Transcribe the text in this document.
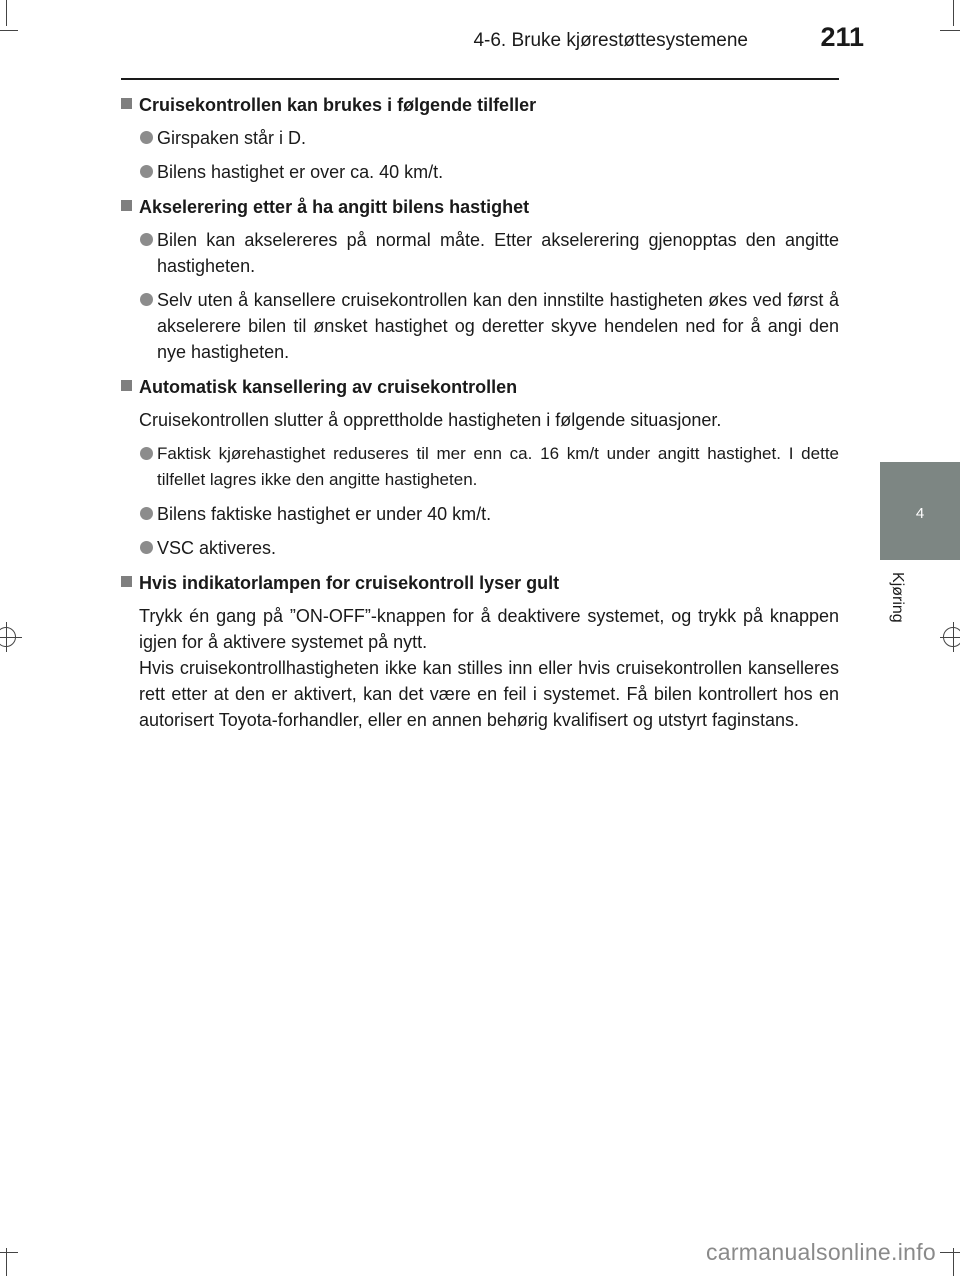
4-6. Bruke kjørestøttesystemene	211
4
Kjøring
Cruisekontrollen kan brukes i følgende tilfeller
Girspaken står i D.
Bilens hastighet er over ca. 40 km/t.
Akselerering etter å ha angitt bilens hastighet
Bilen kan akselereres på normal måte. Etter akselerering gjenopptas den angitte hastigheten.
Selv uten å kansellere cruisekontrollen kan den innstilte hastigheten økes ved først å akselerere bilen til ønsket hastighet og deretter skyve hendelen ned for å angi den nye hastigheten.
Automatisk kansellering av cruisekontrollen
Cruisekontrollen slutter å opprettholde hastigheten i følgende situasjoner.
Faktisk kjørehastighet reduseres til mer enn ca. 16 km/t under angitt hastighet. I dette tilfellet lagres ikke den angitte hastigheten.
Bilens faktiske hastighet er under 40 km/t.
VSC aktiveres.
Hvis indikatorlampen for cruisekontroll lyser gult
Trykk én gang på ”ON-OFF”-knappen for å deaktivere systemet, og trykk på knappen igjen for å aktivere systemet på nytt.
Hvis cruisekontrollhastigheten ikke kan stilles inn eller hvis cruisekontrollen kanselleres rett etter at den er aktivert, kan det være en feil i systemet. Få bilen kontrollert hos en autorisert Toyota-forhandler, eller en annen behørig kvalifisert og utstyrt faginstans.
carmanualsonline.info
